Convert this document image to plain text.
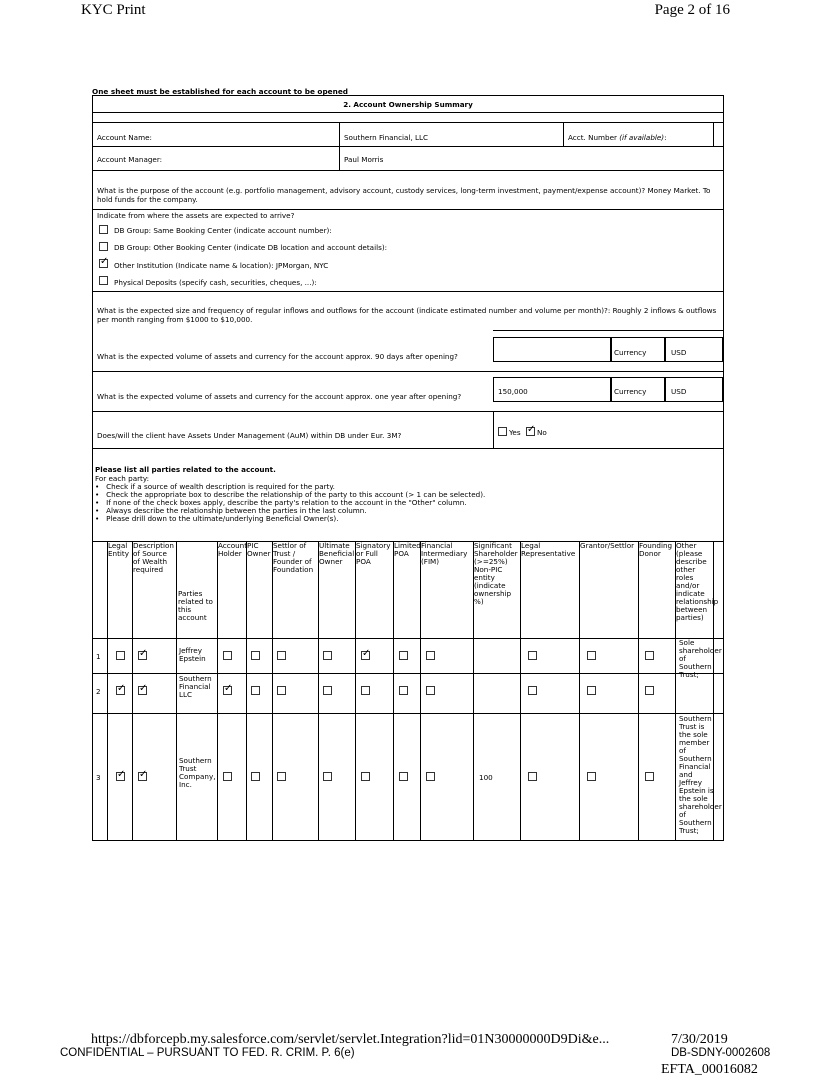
KYC Print	Page 2 of 16
One sheet must be established for each account to be opened
2. Account Ownership Summary
Account Name:	Southern Financial, LLC	Acct. Number (if available):
Account Manager:	Paul Morris
What is the purpose of the account (e.g. portfolio management, advisory account, custody services, long-term investment, payment/expense account)? Money Market. To hold funds for the company.
Indicate from where the assets are expected to arrive?
DB Group: Same Booking Center (indicate account number):
DB Group: Other Booking Center (indicate DB location and account details):
✓
Other Institution (Indicate name & location): JPMorgan, NYC
Physical Deposits (specify cash, securities, cheques, ...):
What is the expected size and frequency of regular inflows and outflows for the account (indicate estimated number and volume per month)?: Roughly 2 inflows & outflows per month ranging from $1000 to $10,000.
What is the expected volume of assets and currency for the account approx. 90 days after opening?	Currency	USD
What is the expected volume of assets and currency for the account approx. one year after opening?
150,000	Currency	USD
Does/will the client have Assets Under Management (AuM) within DB under Eur. 3M?	Yes
✓ No
Please list all parties related to the account.
For each party:
•   Check if a source of wealth description is required for the party.
•   Check the appropriate box to describe the relationship of the party to this account (> 1 can be selected).
•   If none of the check boxes apply, describe the party's relation to the account in the "Other" column.
•   Always describe the relationship between the parties in the last column.
•   Please drill down to the ultimate/underlying Beneficial Owner(s).
Legal Entity
Description of Source of Wealth required
Parties related to this account
Account Holder
PIC Owner
Settlor of Trust / Founder of Foundation
Ultimate Beneficial Owner
Signatory or Full POA
Limited POA
Financial Intermediary (FIM)
Significant Shareholder (>=25%) Non-PIC entity (indicate ownership %)
Legal Representative
Grantor/Settlor Founding Donor
Other (please describe other roles and/or indicate relationship between parties)
1
✓
Jeffrey Epstein
✓
Sole shareholder of Southern Trust;
2
✓
✓
Southern Financial LLC
✓
3
✓
✓
Southern Trust Company, Inc.
100
Southern Trust is the sole member of Southern Financial and Jeffrey Epstein is the sole shareholder of Southern Trust;
https://dbforcepb.my.salesforce.com/servlet/servlet.Integration?lid=01N30000000D9Di&e...	7/30/2019
CONFIDENTIAL – PURSUANT TO FED. R. CRIM. P. 6(e)	DB-SDNY-0002608
EFTA_00016082
